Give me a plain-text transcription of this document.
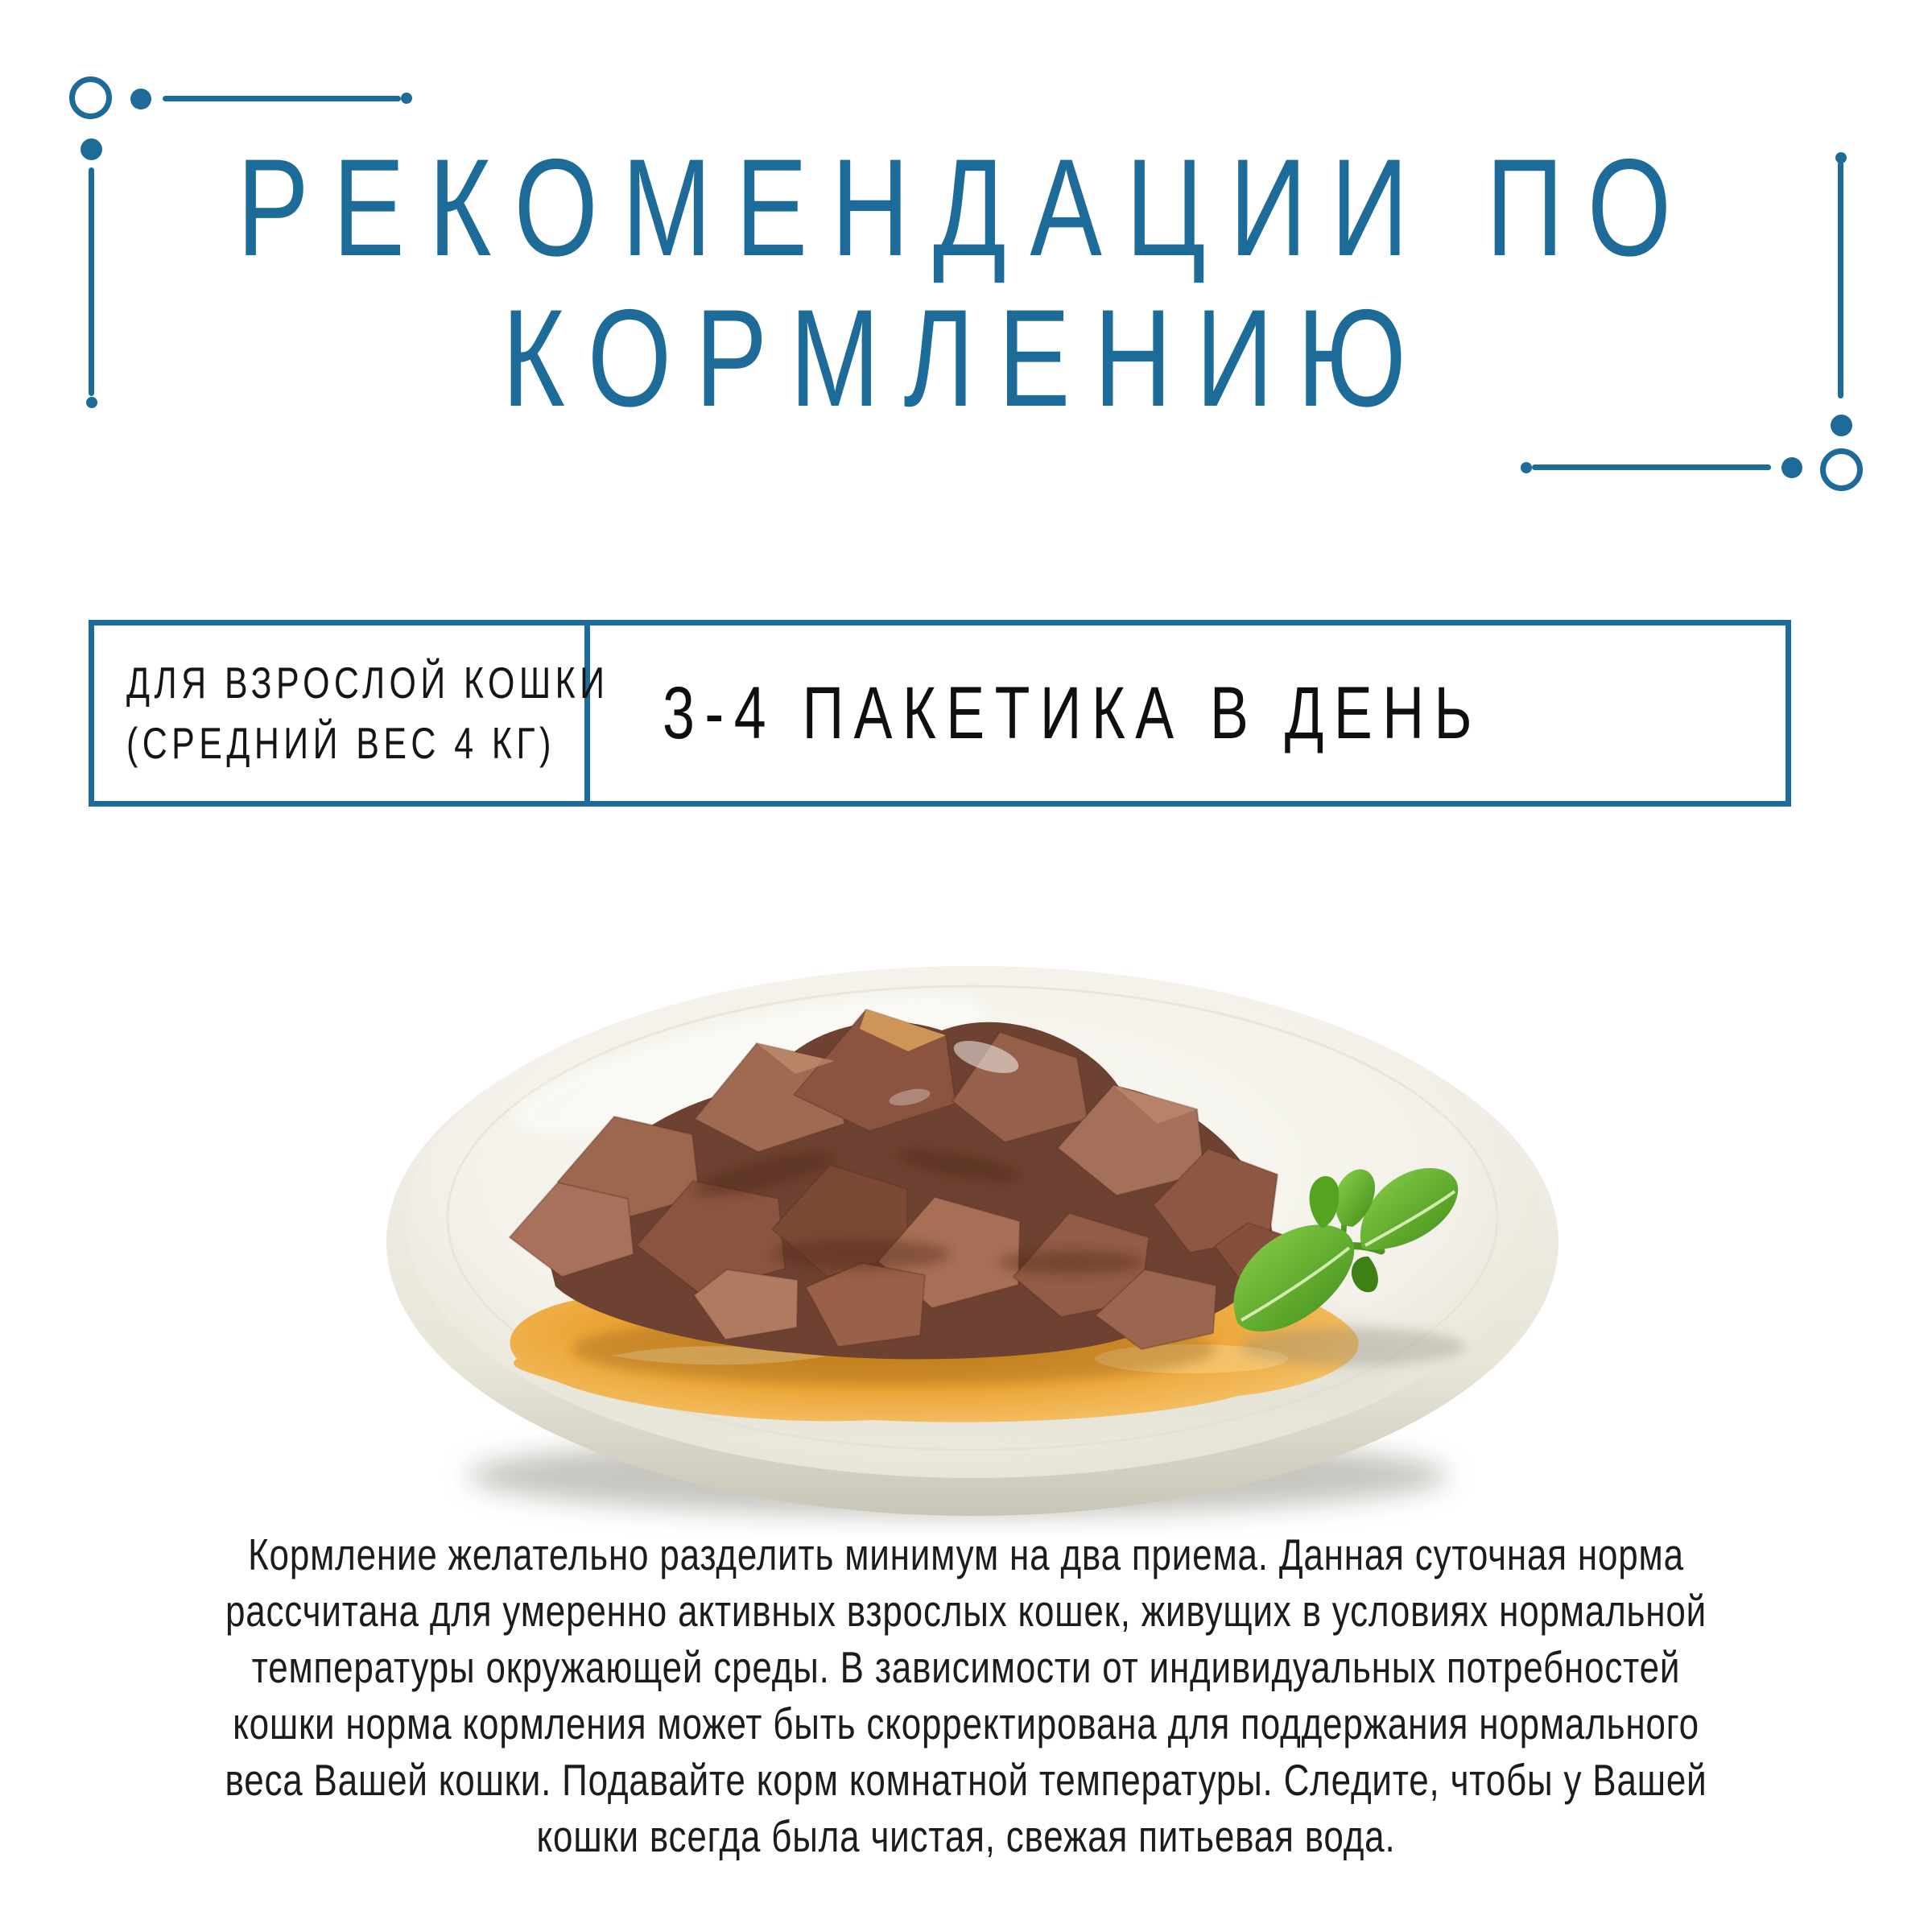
РЕКОМЕНДАЦИИ ПО
КОРМЛЕНИЮ
ДЛЯ ВЗРОСЛОЙ КОШКИ
(СРЕДНИЙ ВЕС 4 КГ) 3-4 ПАКЕТИКА В ДЕНЬ
Кормление желательно разделить минимум на два приема. Данная суточная норма
рассчитана для умеренно активных взрослых кошек, живущих в условиях нормальной
температуры окружающей среды. В зависимости от индивидуальных потребностей
кошки норма кормления может быть скорректирована для поддержания нормального
веса Вашей кошки. Подавайте корм комнатной температуры. Следите, чтобы у Вашей
кошки всегда была чистая, свежая питьевая вода.
